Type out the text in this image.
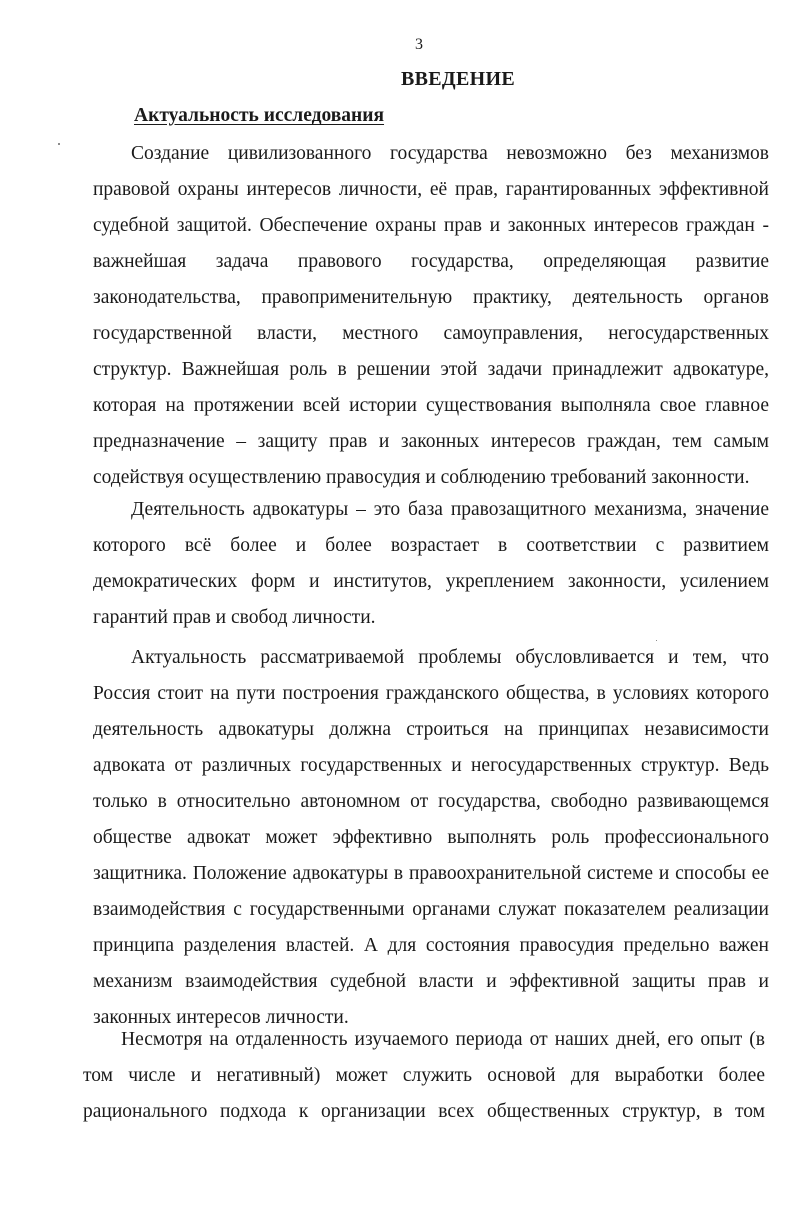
3
ВВЕДЕНИЕ
Актуальность исследования
Создание цивилизованного государства невозможно без механизмов
правовой охраны интересов личности, её прав, гарантированных эффективной
судебной защитой. Обеспечение охраны прав и законных интересов граждан -
важнейшая задача правового государства, определяющая развитие
законодательства, правоприменительную практику, деятельность органов
государственной власти, местного самоуправления, негосударственных
структур. Важнейшая роль в решении этой задачи принадлежит адвокатуре,
которая на протяжении всей истории существования выполняла свое главное
предназначение – защиту прав и законных интересов граждан, тем самым
содействуя осуществлению правосудия и соблюдению требований законности.
Деятельность адвокатуры – это база правозащитного механизма, значение
которого всё более и более возрастает в соответствии с развитием
демократических форм и институтов, укреплением законности, усилением
гарантий прав и свобод личности.
Актуальность рассматриваемой проблемы обусловливается и тем, что
Россия стоит на пути построения гражданского общества, в условиях которого
деятельность адвокатуры должна строиться на принципах независимости
адвоката от различных государственных и негосударственных структур. Ведь
только в относительно автономном от государства, свободно развивающемся
обществе адвокат может эффективно выполнять роль профессионального
защитника. Положение адвокатуры в правоохранительной системе и способы ее
взаимодействия с государственными органами служат показателем реализации
принципа разделения властей. А для состояния правосудия предельно важен
механизм взаимодействия судебной власти и эффективной защиты прав и
законных интересов личности.
Несмотря на отдаленность изучаемого периода от наших дней, его опыт (в
том числе и негативный) может служить основой для выработки более
рационального подхода к организации всех общественных структур, в том
